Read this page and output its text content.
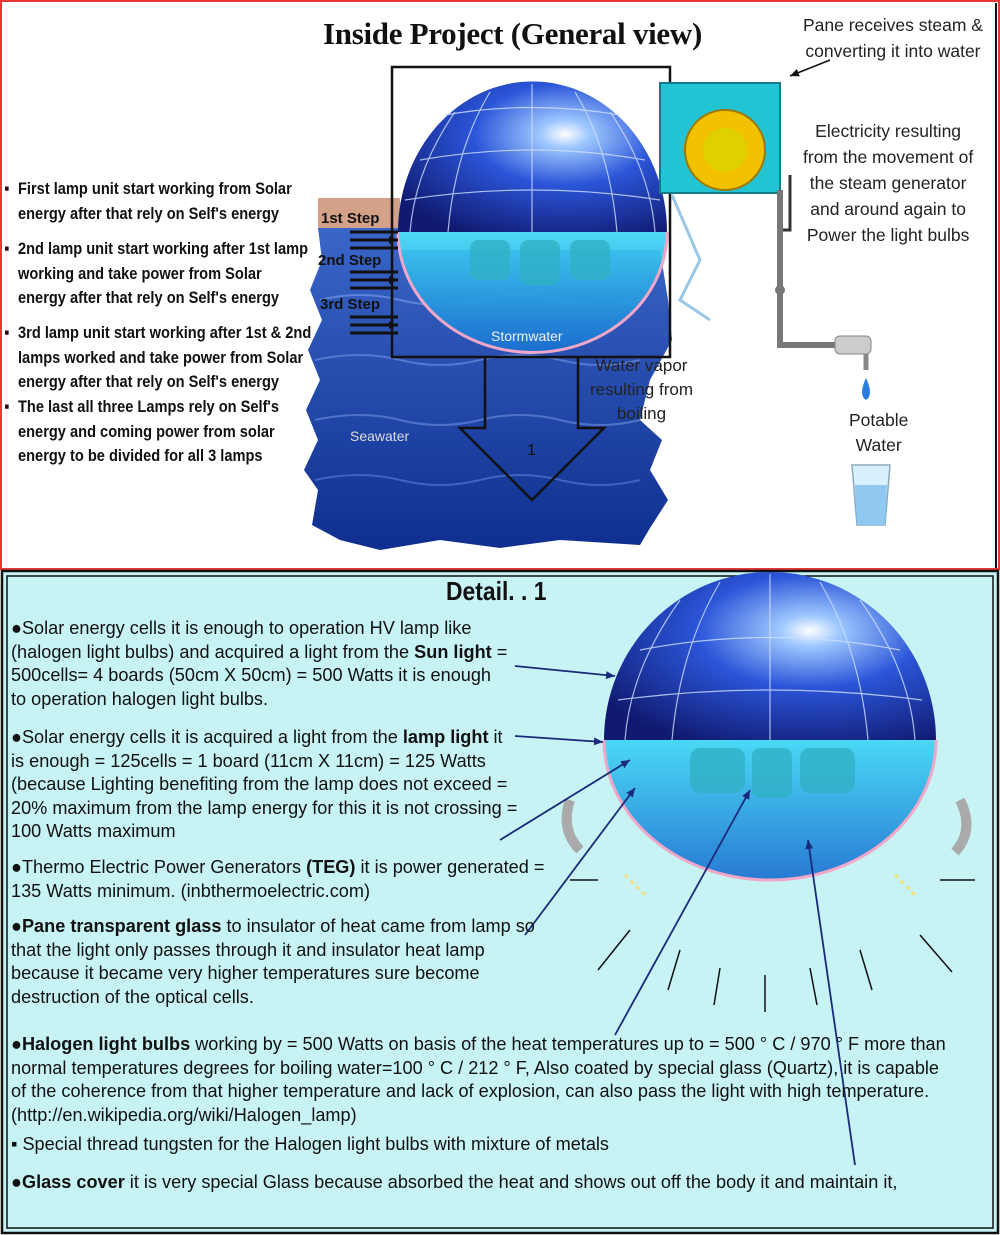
Inside Project (General view)
▪ First lamp unit start working from Solar
energy after that rely on Self's energy
▪ 2nd lamp unit start working after 1st lamp
working and take power from Solar
energy after that rely on Self's energy
▪ 3rd lamp unit start working after 1st & 2nd
lamps worked and take power from Solar
energy after that rely on Self's energy
▪ The last all three Lamps rely on Self's
energy and coming power from solar
energy to be divided for all 3 lamps
1st Step
2nd Step
3rd Step
Stormwater
Seawater
1
Water vapor
resulting from
boiling
Pane receives steam &
converting it into water
Electricity resulting
from the movement of
the steam generator
and around again to
Power the light bulbs
Potable
Water
Detail. . 1
●Solar energy cells it is enough to operation HV lamp like (halogen light bulbs) and acquired a light from the Sun light = 500cells= 4 boards (50cm X 50cm) = 500 Watts it is enough to operation halogen light bulbs.
●Solar energy cells it is acquired a light from the lamp light it is enough = 125cells = 1 board (11cm X 11cm) = 125 Watts (because Lighting benefiting from the lamp does not exceed = 20% maximum from the lamp energy for this it is not crossing = 100 Watts maximum
●Thermo Electric Power Generators (TEG) it is power generated = 135 Watts minimum. (inbthermoelectric.com)
●Pane transparent glass to insulator of heat came from lamp so that the light only passes through it and insulator heat lamp because it became very higher temperatures sure become destruction of the optical cells.
●Halogen light bulbs working by = 500 Watts on basis of the heat temperatures up to = 500 ° C / 970 ° F more than normal temperatures degrees for boiling water=100 ° C / 212 ° F, Also coated by special glass (Quartz), it is capable of the coherence from that higher temperature and lack of explosion, can also pass the light with high temperature. (http://en.wikipedia.org/wiki/Halogen_lamp)
▪ Special thread tungsten for the Halogen light bulbs with mixture of metals
●Glass cover it is very special Glass because absorbed the heat and shows out off the body it and maintain it,
